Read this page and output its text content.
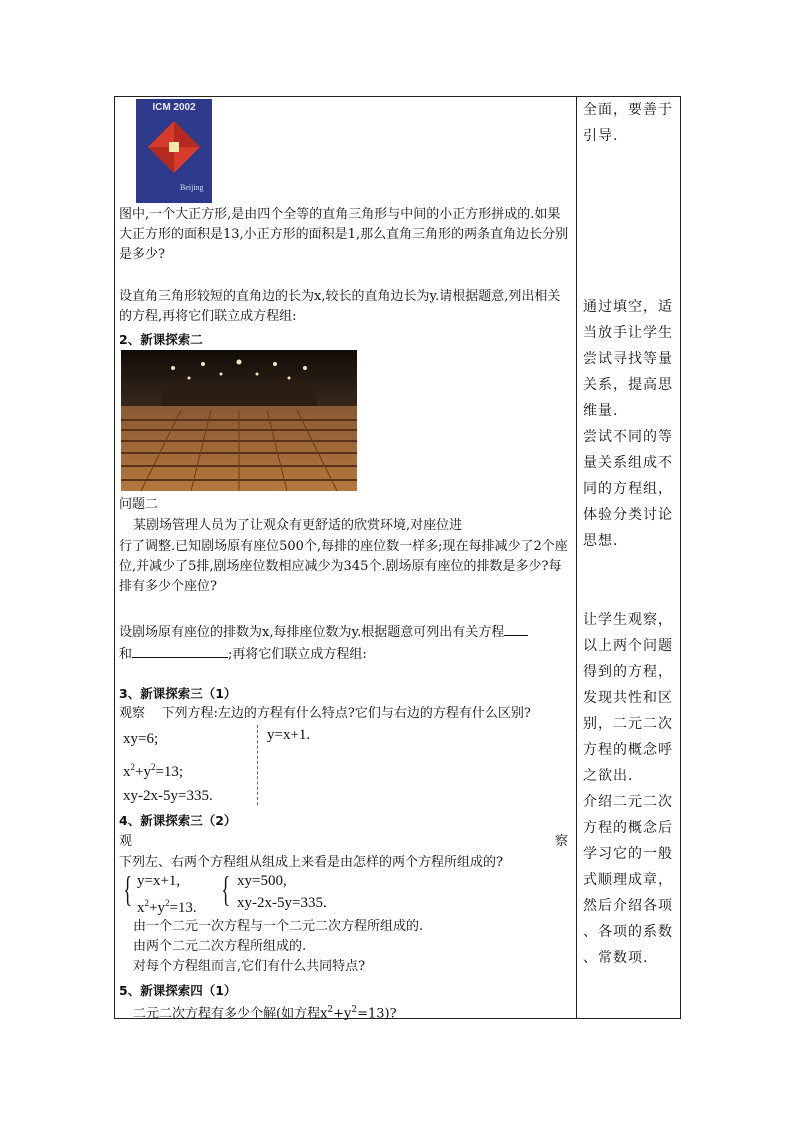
ICM 2002
Beijing
图中,一个大正方形,是由四个全等的直角三角形与中间的小正方形拼成的.如果大正方形的面积是13,小正方形的面积是1,那么直角三角形的两条直角边长分别是多少?
设直角三角形较短的直角边的长为x,较长的直角边长为y.请根据题意,列出相关的方程,再将它们联立成方程组:
2、新课探索二
问题二
某剧场管理人员为了让观众有更舒适的欣赏环境,对座位进
行了调整.已知剧场原有座位500个,每排的座位数一样多;现在每排减少了2个座位,并减少了5排,剧场座位数相应减少为345个.剧场原有座位的排数是多少?每排有多少个座位?
设剧场原有座位的排数为x,每排座位数为y.根据题意可列出有关方程
和	;再将它们联立成方程组:
3、新课探索三（1）
观察 下列方程:左边的方程有什么特点?它们与右边的方程有什么区别?
xy=6;
$x^2+y^2=13$;
xy-2x-5y=335.
y=x+1.
4、新课探索三（2）
观	察
下列左、右两个方程组从组成上来看是由怎样的两个方程所组成的?
{ y=x+1,
$x^2+y^2=13$. { xy=500,
xy-2x-5y=335.
由一个二元一次方程与一个二元二次方程所组成的.
由两个二元二次方程所组成的.
对每个方程组而言,它们有什么共同特点?
5、新课探索四（1）
二元二次方程有多少个解(如方程$x^2+y^2=13$)?
全面，要善于
引导.
通过填空，适
当放手让学生
尝试寻找等量
关系，提高思
维量.
尝试不同的等
量关系组成不
同的方程组，
体验分类讨论
思想.
让学生观察，
以上两个问题
得到的方程，
发现共性和区
别，二元二次
方程的概念呼
之欲出.
介绍二元二次
方程的概念后
学习它的一般
式顺理成章，
然后介绍各项
、各项的系数
、常数项.
